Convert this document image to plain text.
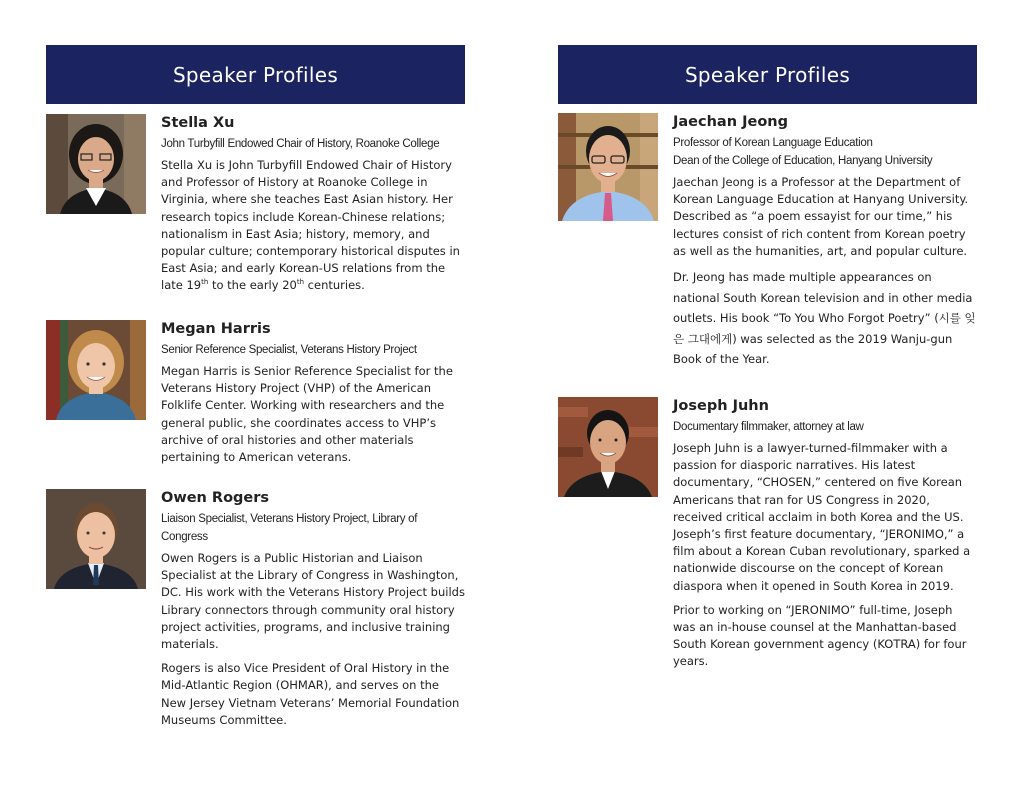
Speaker Profiles
Stella Xu
John Turbyfill Endowed Chair of History, Roanoke College

Stella Xu is John Turbyfill Endowed Chair of History and Professor of History at Roanoke College in Virginia, where she teaches East Asian history. Her research topics include Korean-Chinese relations; nationalism in East Asia; history, memory, and popular culture; contemporary historical disputes in East Asia; and early Korean-US relations from the late 19th to the early 20th centuries.

Megan Harris
Senior Reference Specialist, Veterans History Project

Megan Harris is Senior Reference Specialist for the Veterans History Project (VHP) of the American Folklife Center. Working with researchers and the general public, she coordinates access to VHP’s archive of oral histories and other materials pertaining to American veterans.

Owen Rogers
Liaison Specialist, Veterans History Project, Library of Congress

Owen Rogers is a Public Historian and Liaison Specialist at the Library of Congress in Washington, DC. His work with the Veterans History Project builds Library connectors through community oral history project activities, programs, and inclusive training materials.

Rogers is also Vice President of Oral History in the Mid-Atlantic Region (OHMAR), and serves on the New Jersey Vietnam Veterans’ Memorial Foundation Museums Committee.

Speaker Profiles
Jaechan Jeong
Professor of Korean Language Education
Dean of the College of Education, Hanyang University

Jaechan Jeong is a Professor at the Department of Korean Language Education at Hanyang University. Described as “a poem essayist for our time,” his lectures consist of rich content from Korean poetry as well as the humanities, art, and popular culture.

Dr. Jeong has made multiple appearances on national South Korean television and in other media outlets. His book “To You Who Forgot Poetry” (시를 잊은 그대에게) was selected as the 2019 Wanju-gun Book of the Year.

Joseph Juhn
Documentary filmmaker, attorney at law

Joseph Juhn is a lawyer-turned-filmmaker with a passion for diasporic narratives. His latest documentary, “CHOSEN,” centered on five Korean Americans that ran for US Congress in 2020, received critical acclaim in both Korea and the US. Joseph’s first feature documentary, “JERONIMO,” a film about a Korean Cuban revolutionary, sparked a nationwide discourse on the concept of Korean diaspora when it opened in South Korea in 2019.

Prior to working on “JERONIMO” full-time, Joseph was an in-house counsel at the Manhattan-based South Korean government agency (KOTRA) for four years.
